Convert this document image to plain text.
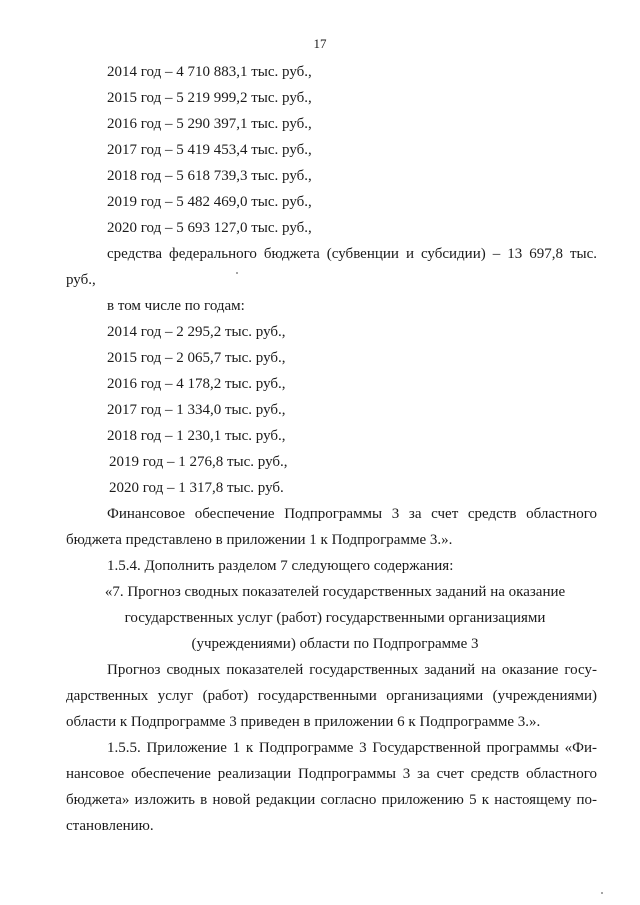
17
2014 год – 4 710 883,1 тыс. руб.,
2015 год – 5 219 999,2 тыс. руб.,
2016 год – 5 290 397,1 тыс. руб.,
2017 год – 5 419 453,4 тыс. руб.,
2018 год – 5 618 739,3 тыс. руб.,
2019 год – 5 482 469,0 тыс. руб.,
2020 год – 5 693 127,0 тыс. руб.,
средства федерального бюджета (субвенции и субсидии) – 13 697,8 тыс.
руб.,
в том числе по годам:
2014 год – 2 295,2 тыс. руб.,
2015 год – 2 065,7 тыс. руб.,
2016 год – 4 178,2 тыс. руб.,
2017 год – 1 334,0 тыс. руб.,
2018 год – 1 230,1 тыс. руб.,
2019 год – 1 276,8 тыс. руб.,
2020 год – 1 317,8 тыс. руб.
Финансовое обеспечение Подпрограммы 3 за счет средств областного
бюджета представлено в приложении 1 к Подпрограмме 3.».
1.5.4. Дополнить разделом 7 следующего содержания:
«7. Прогноз сводных показателей государственных заданий на оказание
государственных услуг (работ) государственными организациями
(учреждениями) области по Подпрограмме 3
Прогноз сводных показателей государственных заданий на оказание госу-
дарственных услуг (работ) государственными организациями (учреждениями)
области к Подпрограмме 3 приведен в приложении 6 к Подпрограмме 3.».
1.5.5. Приложение 1 к Подпрограмме 3 Государственной программы «Фи-
нансовое обеспечение реализации Подпрограммы 3 за счет средств областного
бюджета» изложить в новой редакции согласно приложению 5 к настоящему по-
становлению.
